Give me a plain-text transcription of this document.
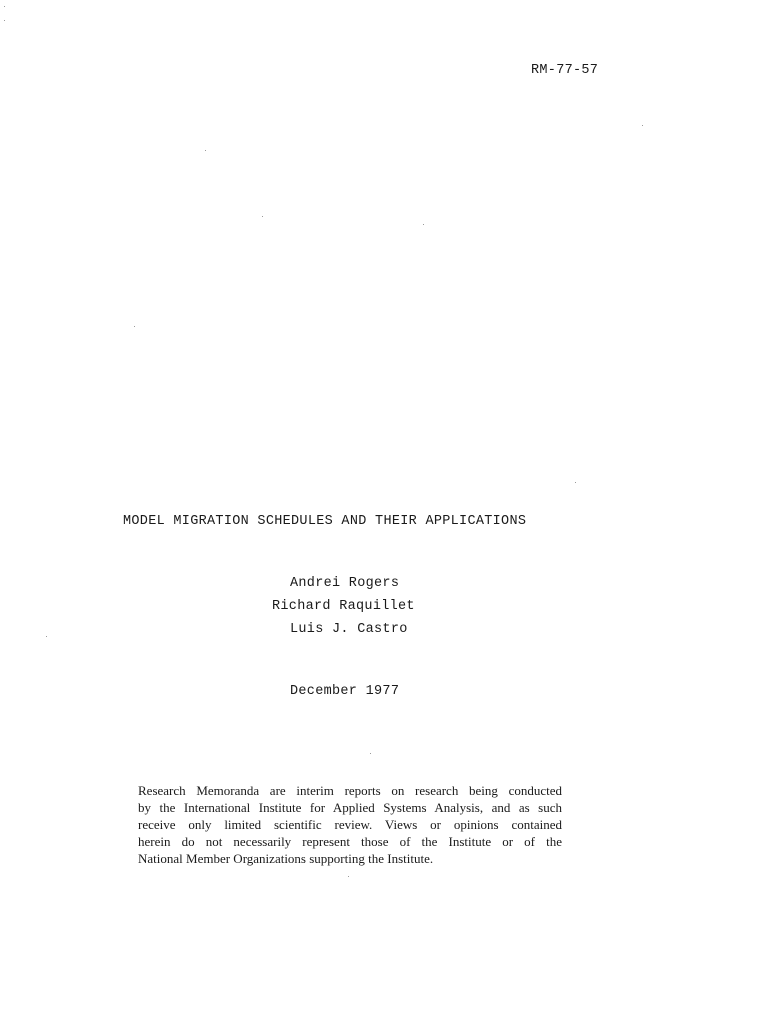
RM-77-57
MODEL MIGRATION SCHEDULES AND THEIR APPLICATIONS
Andrei Rogers
Richard Raquillet
Luis J. Castro
December 1977
Research Memoranda are interim reports on research being conducted
by the International Institute for Applied Systems Analysis, and as such
receive only limited scientific review. Views or opinions contained
herein do not necessarily represent those of the Institute or of the
National Member Organizations supporting the Institute.
